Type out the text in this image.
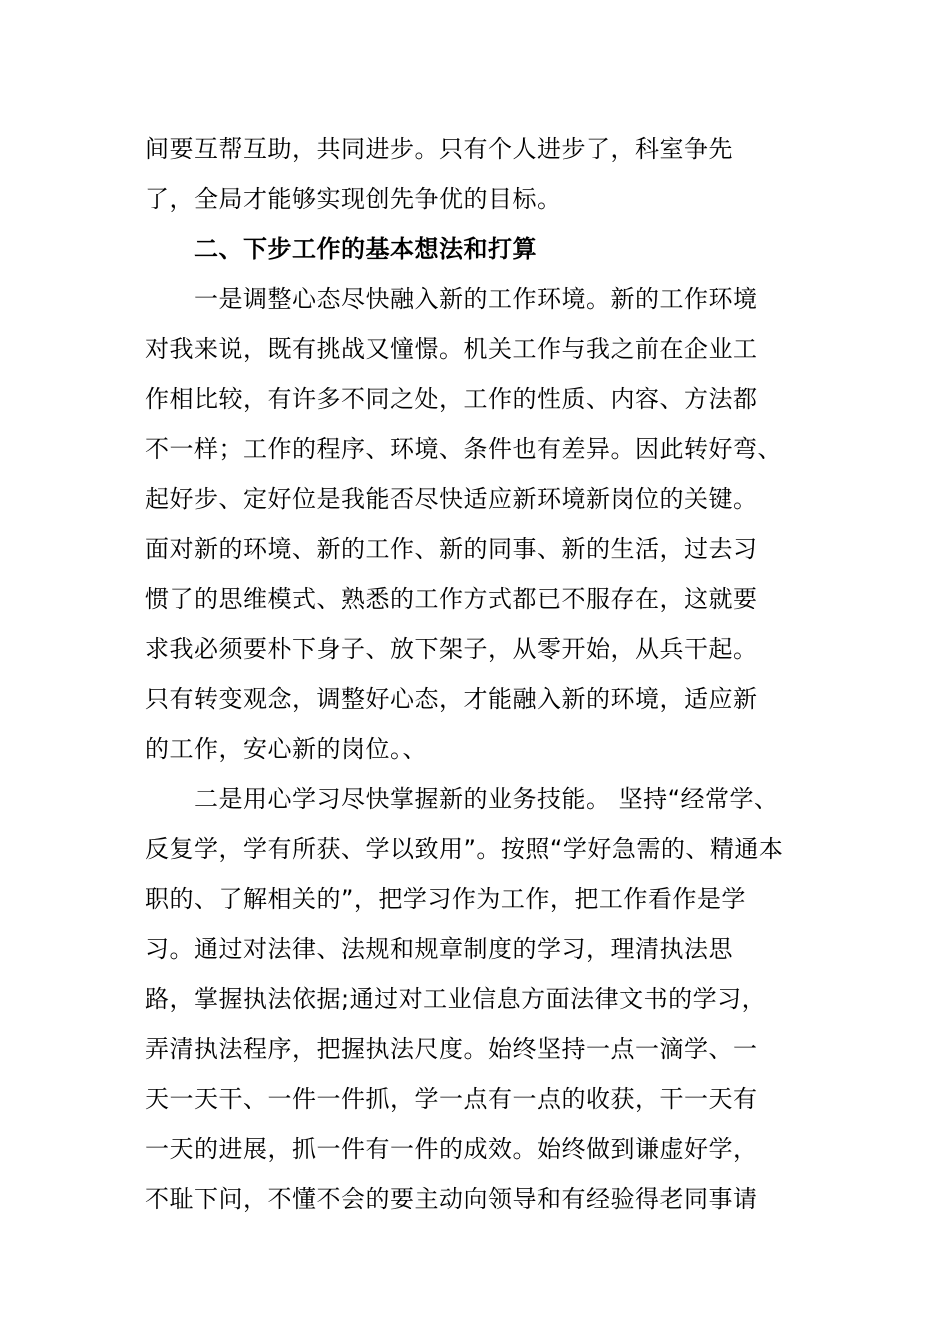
间要互帮互助，共同进步。只有个人进步了，科室争先
了，全局才能够实现创先争优的目标。
二、下步工作的基本想法和打算
一是调整心态尽快融入新的工作环境。新的工作环境
对我来说，既有挑战又憧憬。机关工作与我之前在企业工
作相比较，有许多不同之处，工作的性质、内容、方法都
不一样；工作的程序、环境、条件也有差异。因此转好弯、
起好步、定好位是我能否尽快适应新环境新岗位的关键。
面对新的环境、新的工作、新的同事、新的生活，过去习
惯了的思维模式、熟悉的工作方式都已不服存在，这就要
求我必须要朴下身子、放下架子，从零开始，从兵干起。
只有转变观念，调整好心态，才能融入新的环境，适应新
的工作，安心新的岗位。、
二是用心学习尽快掌握新的业务技能。 坚持“经常学、
反复学，学有所获、学以致用”。按照“学好急需的、精通本
职的、了解相关的”，把学习作为工作，把工作看作是学
习。通过对法律、法规和规章制度的学习，理清执法思
路，掌握执法依据;通过对工业信息方面法律文书的学习，
弄清执法程序，把握执法尺度。始终坚持一点一滴学、一
天一天干、一件一件抓，学一点有一点的收获，干一天有
一天的进展，抓一件有一件的成效。始终做到谦虚好学，
不耻下问，不懂不会的要主动向领导和有经验得老同事请
